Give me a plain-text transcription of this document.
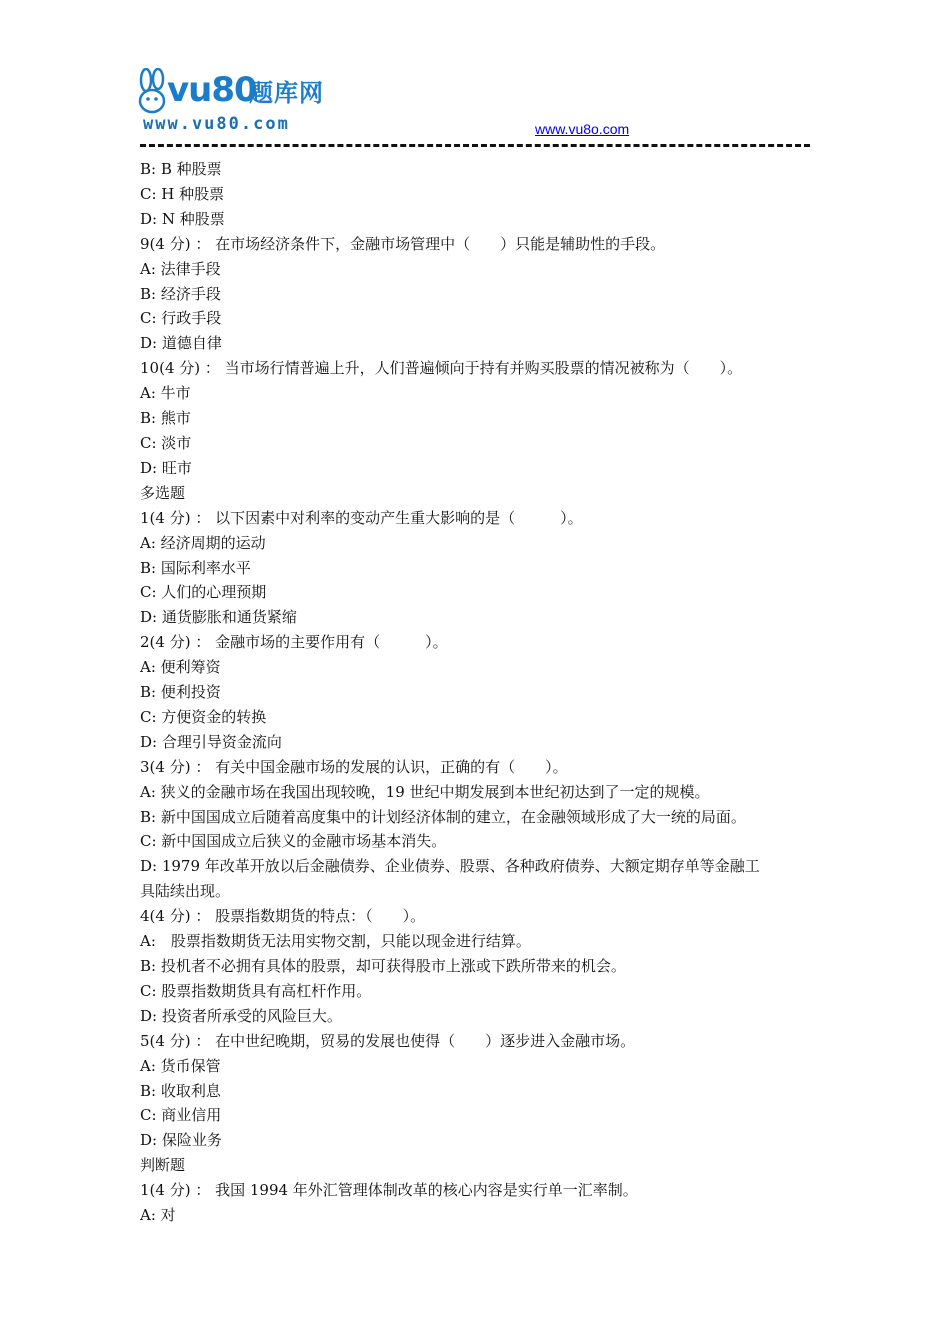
vu80
题库网
www.vu80.com	www.vu8o.com

B: B 种股票

C: H 种股票

D: N 种股票

9(4 分) ： 在市场经济条件下，金融市场管理中（　　）只能是辅助性的手段。

A: 法律手段

B: 经济手段

C: 行政手段

D: 道德自律

10(4 分) ： 当市场行情普遍上升，人们普遍倾向于持有并购买股票的情况被称为（　　）。

A: 牛市

B: 熊市

C: 淡市

D: 旺市

多选题

1(4 分) ： 以下因素中对利率的变动产生重大影响的是（　　　）。

A: 经济周期的运动

B: 国际利率水平

C: 人们的心理预期

D: 通货膨胀和通货紧缩

2(4 分) ： 金融市场的主要作用有（　　　）。

A: 便利筹资

B: 便利投资

C: 方便资金的转换

D: 合理引导资金流向

3(4 分) ： 有关中国金融市场的发展的认识，正确的有（　　）。

A: 狭义的金融市场在我国出现较晚，19 世纪中期发展到本世纪初达到了一定的规模。

B: 新中国国成立后随着高度集中的计划经济体制的建立，在金融领域形成了大一统的局面。

C: 新中国国成立后狭义的金融市场基本消失。

D: 1979 年改革开放以后金融债券、企业债券、股票、各种政府债券、大额定期存单等金融工

具陆续出现。

4(4 分) ： 股票指数期货的特点：（　　）。

A:　股票指数期货无法用实物交割，只能以现金进行结算。

B: 投机者不必拥有具体的股票，却可获得股市上涨或下跌所带来的机会。

C: 股票指数期货具有高杠杆作用。

D: 投资者所承受的风险巨大。

5(4 分) ： 在中世纪晚期，贸易的发展也使得（　　）逐步进入金融市场。

A: 货币保管

B: 收取利息

C: 商业信用

D: 保险业务

判断题

1(4 分) ： 我国 1994 年外汇管理体制改革的核心内容是实行单一汇率制。

A: 对
